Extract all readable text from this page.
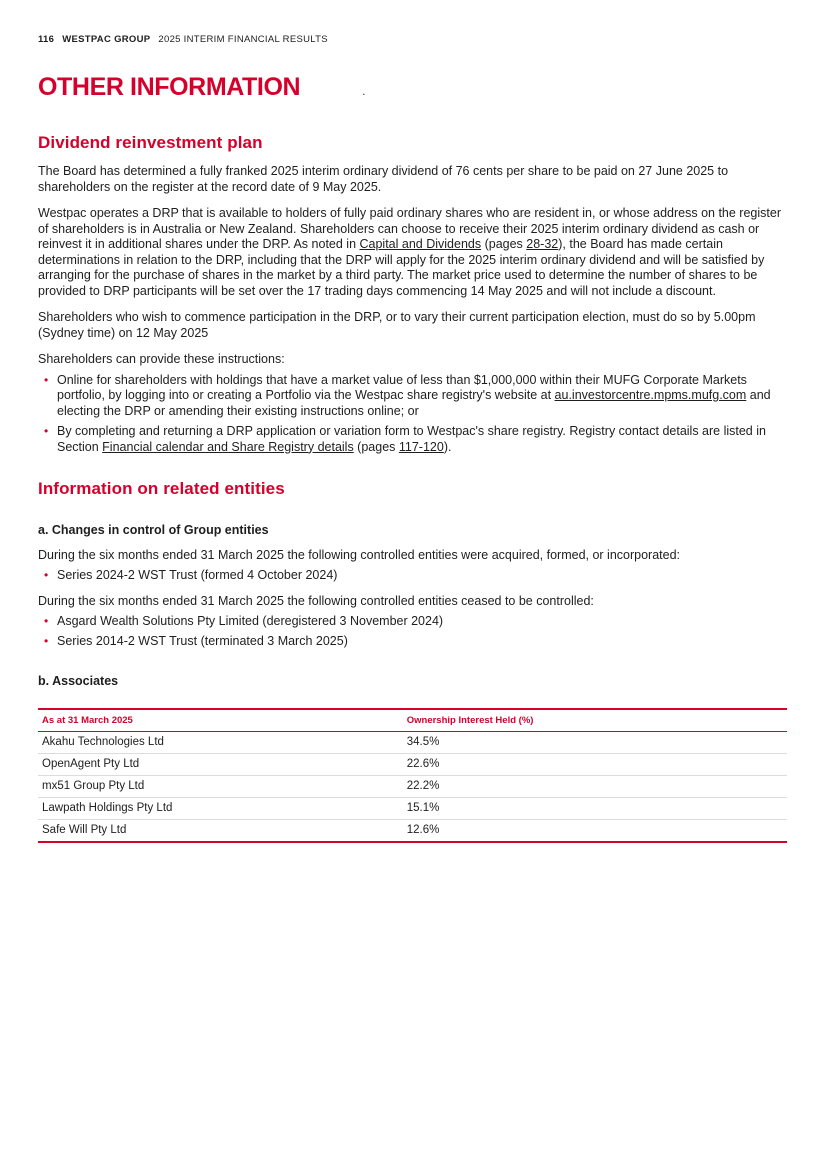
116 WESTPAC GROUP 2025 INTERIM FINANCIAL RESULTS
OTHER INFORMATION	.
Dividend reinvestment plan

The Board has determined a fully franked 2025 interim ordinary dividend of 76 cents per share to be paid on 27 June 2025 to shareholders on the register at the record date of 9 May 2025.

Westpac operates a DRP that is available to holders of fully paid ordinary shares who are resident in, or whose address on the register of shareholders is in Australia or New Zealand. Shareholders can choose to receive their 2025 interim ordinary dividend as cash or reinvest it in additional shares under the DRP. As noted in Capital and Dividends (pages 28-32), the Board has made certain determinations in relation to the DRP, including that the DRP will apply for the 2025 interim ordinary dividend and will be satisfied by arranging for the purchase of shares in the market by a third party. The market price used to determine the number of shares to be provided to DRP participants will be set over the 17 trading days commencing 14 May 2025 and will not include a discount.

Shareholders who wish to commence participation in the DRP, or to vary their current participation election, must do so by 5.00pm (Sydney time) on 12 May 2025

Shareholders can provide these instructions:

•
Online for shareholders with holdings that have a market value of less than $1,000,000 within their MUFG Corporate Markets portfolio, by logging into or creating a Portfolio via the Westpac share registry's website at au.investorcentre.mpms.mufg.com and electing the DRP or amending their existing instructions online; or
•
By completing and returning a DRP application or variation form to Westpac's share registry. Registry contact details are listed in Section Financial calendar and Share Registry details (pages 117-120).
Information on related entities
a. Changes in control of Group entities

During the six months ended 31 March 2025 the following controlled entities were acquired, formed, or incorporated:

•
Series 2024-2 WST Trust (formed 4 October 2024)

During the six months ended 31 March 2025 the following controlled entities ceased to be controlled:

•
Asgard Wealth Solutions Pty Limited (deregistered 3 November 2024)
•
Series 2014-2 WST Trust (terminated 3 March 2025)
b. Associates
As at 31 March 2025	Ownership Interest Held (%)
Akahu Technologies Ltd	34.5%
OpenAgent Pty Ltd	22.6%
mx51 Group Pty Ltd	22.2%
Lawpath Holdings Pty Ltd	15.1%
Safe Will Pty Ltd	12.6%
